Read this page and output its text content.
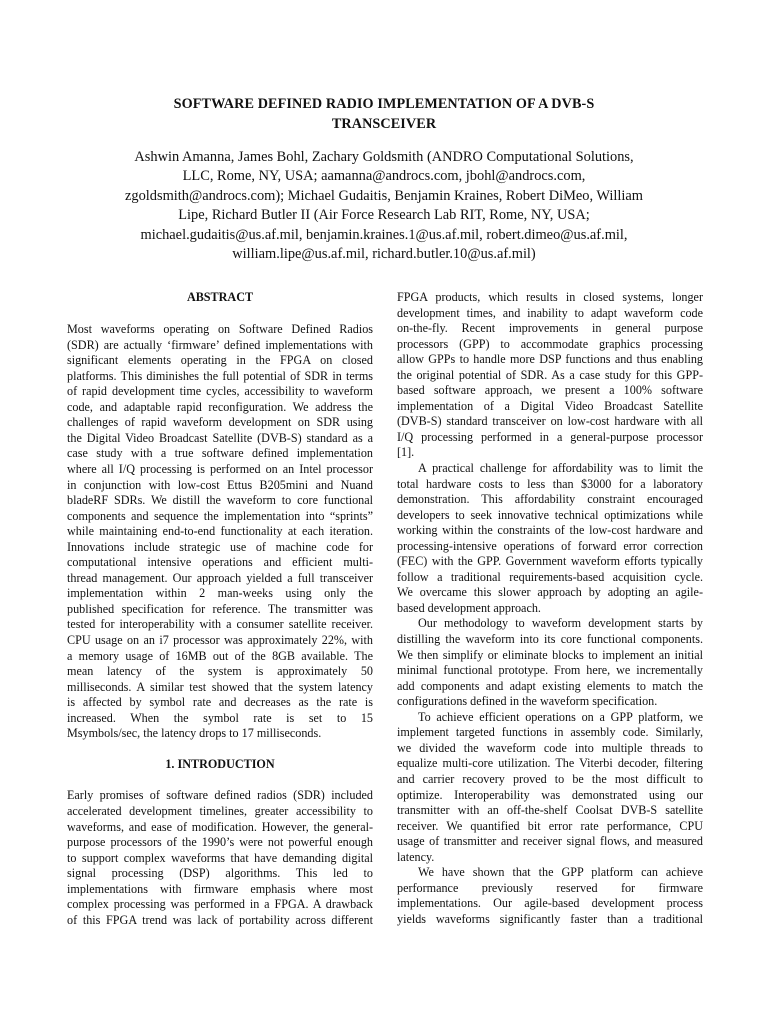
SOFTWARE DEFINED RADIO IMPLEMENTATION OF A DVB-S
TRANSCEIVER
Ashwin Amanna, James Bohl, Zachary Goldsmith (ANDRO Computational Solutions,
LLC, Rome, NY, USA; aamanna@androcs.com, jbohl@androcs.com,
zgoldsmith@androcs.com); Michael Gudaitis, Benjamin Kraines, Robert DiMeo, William
Lipe, Richard Butler II (Air Force Research Lab RIT, Rome, NY, USA;
michael.gudaitis@us.af.mil, benjamin.kraines.1@us.af.mil, robert.dimeo@us.af.mil,
william.lipe@us.af.mil, richard.butler.10@us.af.mil)
ABSTRACT
Most waveforms operating on Software Defined Radios
(SDR) are actually ‘firmware’ defined implementations with
significant elements operating in the FPGA on closed
platforms. This diminishes the full potential of SDR in terms
of rapid development time cycles, accessibility to waveform
code, and adaptable rapid reconfiguration. We address the
challenges of rapid waveform development on SDR using
the Digital Video Broadcast Satellite (DVB-S) standard as a
case study with a true software defined implementation
where all I/Q processing is performed on an Intel processor
in conjunction with low-cost Ettus B205mini and Nuand
bladeRF SDRs. We distill the waveform to core functional
components and sequence the implementation into “sprints”
while maintaining end-to-end functionality at each iteration.
Innovations include strategic use of machine code for
computational intensive operations and efficient multi-
thread management. Our approach yielded a full transceiver
implementation within 2 man-weeks using only the
published specification for reference. The transmitter was
tested for interoperability with a consumer satellite receiver.
CPU usage on an i7 processor was approximately 22%, with
a memory usage of 16MB out of the 8GB available. The
mean latency of the system is approximately 50
milliseconds. A similar test showed that the system latency
is affected by symbol rate and decreases as the rate is
increased. When the symbol rate is set to 15
Msymbols/sec, the latency drops to 17 milliseconds.
1. INTRODUCTION
Early promises of software defined radios (SDR) included
accelerated development timelines, greater accessibility to
waveforms, and ease of modification. However, the general-
purpose processors of the 1990’s were not powerful enough
to support complex waveforms that have demanding digital
signal processing (DSP) algorithms. This led to
implementations with firmware emphasis where most
complex processing was performed in a FPGA. A drawback
of this FPGA trend was lack of portability across different
FPGA products, which results in closed systems, longer
development times, and inability to adapt waveform code
on-the-fly. Recent improvements in general purpose
processors (GPP) to accommodate graphics processing
allow GPPs to handle more DSP functions and thus enabling
the original potential of SDR. As a case study for this GPP-
based software approach, we present a 100% software
implementation of a Digital Video Broadcast Satellite
(DVB-S) standard transceiver on low-cost hardware with all
I/Q processing performed in a general-purpose processor
[1].
A practical challenge for affordability was to limit the
total hardware costs to less than $3000 for a laboratory
demonstration. This affordability constraint encouraged
developers to seek innovative technical optimizations while
working within the constraints of the low-cost hardware and
processing-intensive operations of forward error correction
(FEC) with the GPP. Government waveform efforts typically
follow a traditional requirements-based acquisition cycle.
We overcame this slower approach by adopting an agile-
based development approach.
Our methodology to waveform development starts by
distilling the waveform into its core functional components.
We then simplify or eliminate blocks to implement an initial
minimal functional prototype. From here, we incrementally
add components and adapt existing elements to match the
configurations defined in the waveform specification.
To achieve efficient operations on a GPP platform, we
implement targeted functions in assembly code. Similarly,
we divided the waveform code into multiple threads to
equalize multi-core utilization. The Viterbi decoder, filtering
and carrier recovery proved to be the most difficult to
optimize. Interoperability was demonstrated using our
transmitter with an off-the-shelf Coolsat DVB-S satellite
receiver. We quantified bit error rate performance, CPU
usage of transmitter and receiver signal flows, and measured
latency.
We have shown that the GPP platform can achieve
performance previously reserved for firmware
implementations. Our agile-based development process
yields waveforms significantly faster than a traditional
